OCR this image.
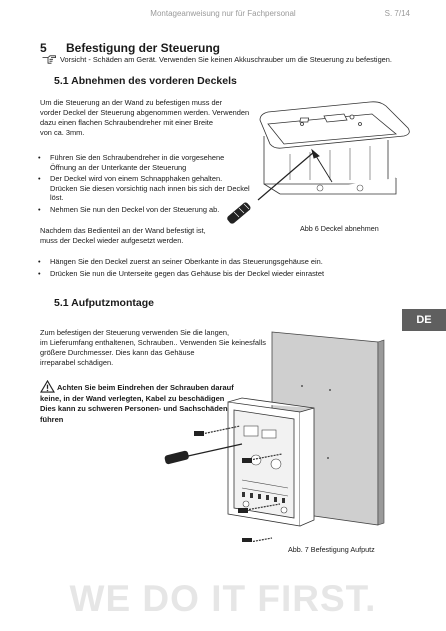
Montageanweisung nur für Fachpersonal	S. 7/14
5 Befestigung der Steuerung
Vorsicht - Schäden am Gerät. Verwenden Sie keinen Akkuschrauber um die Steuerung zu befestigen.
5.1 Abnehmen des vorderen Deckels

Um die Steuerung an der Wand zu befestigen muss der

vorder Deckel der Steuerung abgenommen werden. Verwenden

dazu einen flachen Schraubendreher mit einer Breite

von ca. 3mm.

• Führen Sie den Schraubendreher in die vorgesehene
Öffnung an der Unterkante der Steuerung
• Der Deckel wird von einem Schnapphaken gehalten.
Drücken Sie diesen vorsichtig nach innen bis sich der Deckel
löst.
• Nehmen Sie nun den Deckel von der Steuerung ab.

Nachdem das Bedienteil an der Wand befestigt ist,

muss der Deckel wieder aufgesetzt werden.

• Hängen Sie den Deckel zuerst an seiner Oberkante in das Steuerungsgehäuse ein.
• Drücken Sie nun die Unterseite gegen das Gehäuse bis der Deckel wieder einrastet
Abb 6 Deckel abnehmen
DE
5.1 Aufputzmontage

Zum befestigen der Steuerung verwenden Sie die langen,

im Lieferumfang enthaltenen, Schrauben.. Verwenden Sie keinesfalls

größere Durchmesser. Dies kann das Gehäuse

irreparabel schädigen.

Achten Sie beim Eindrehen der Schrauben darauf
keine, in der Wand verlegten, Kabel zu beschädigen
Dies kann zu schweren Personen- und Sachschäden
führen
Abb. 7 Befestigung Aufputz
WE DO IT FIRST.
